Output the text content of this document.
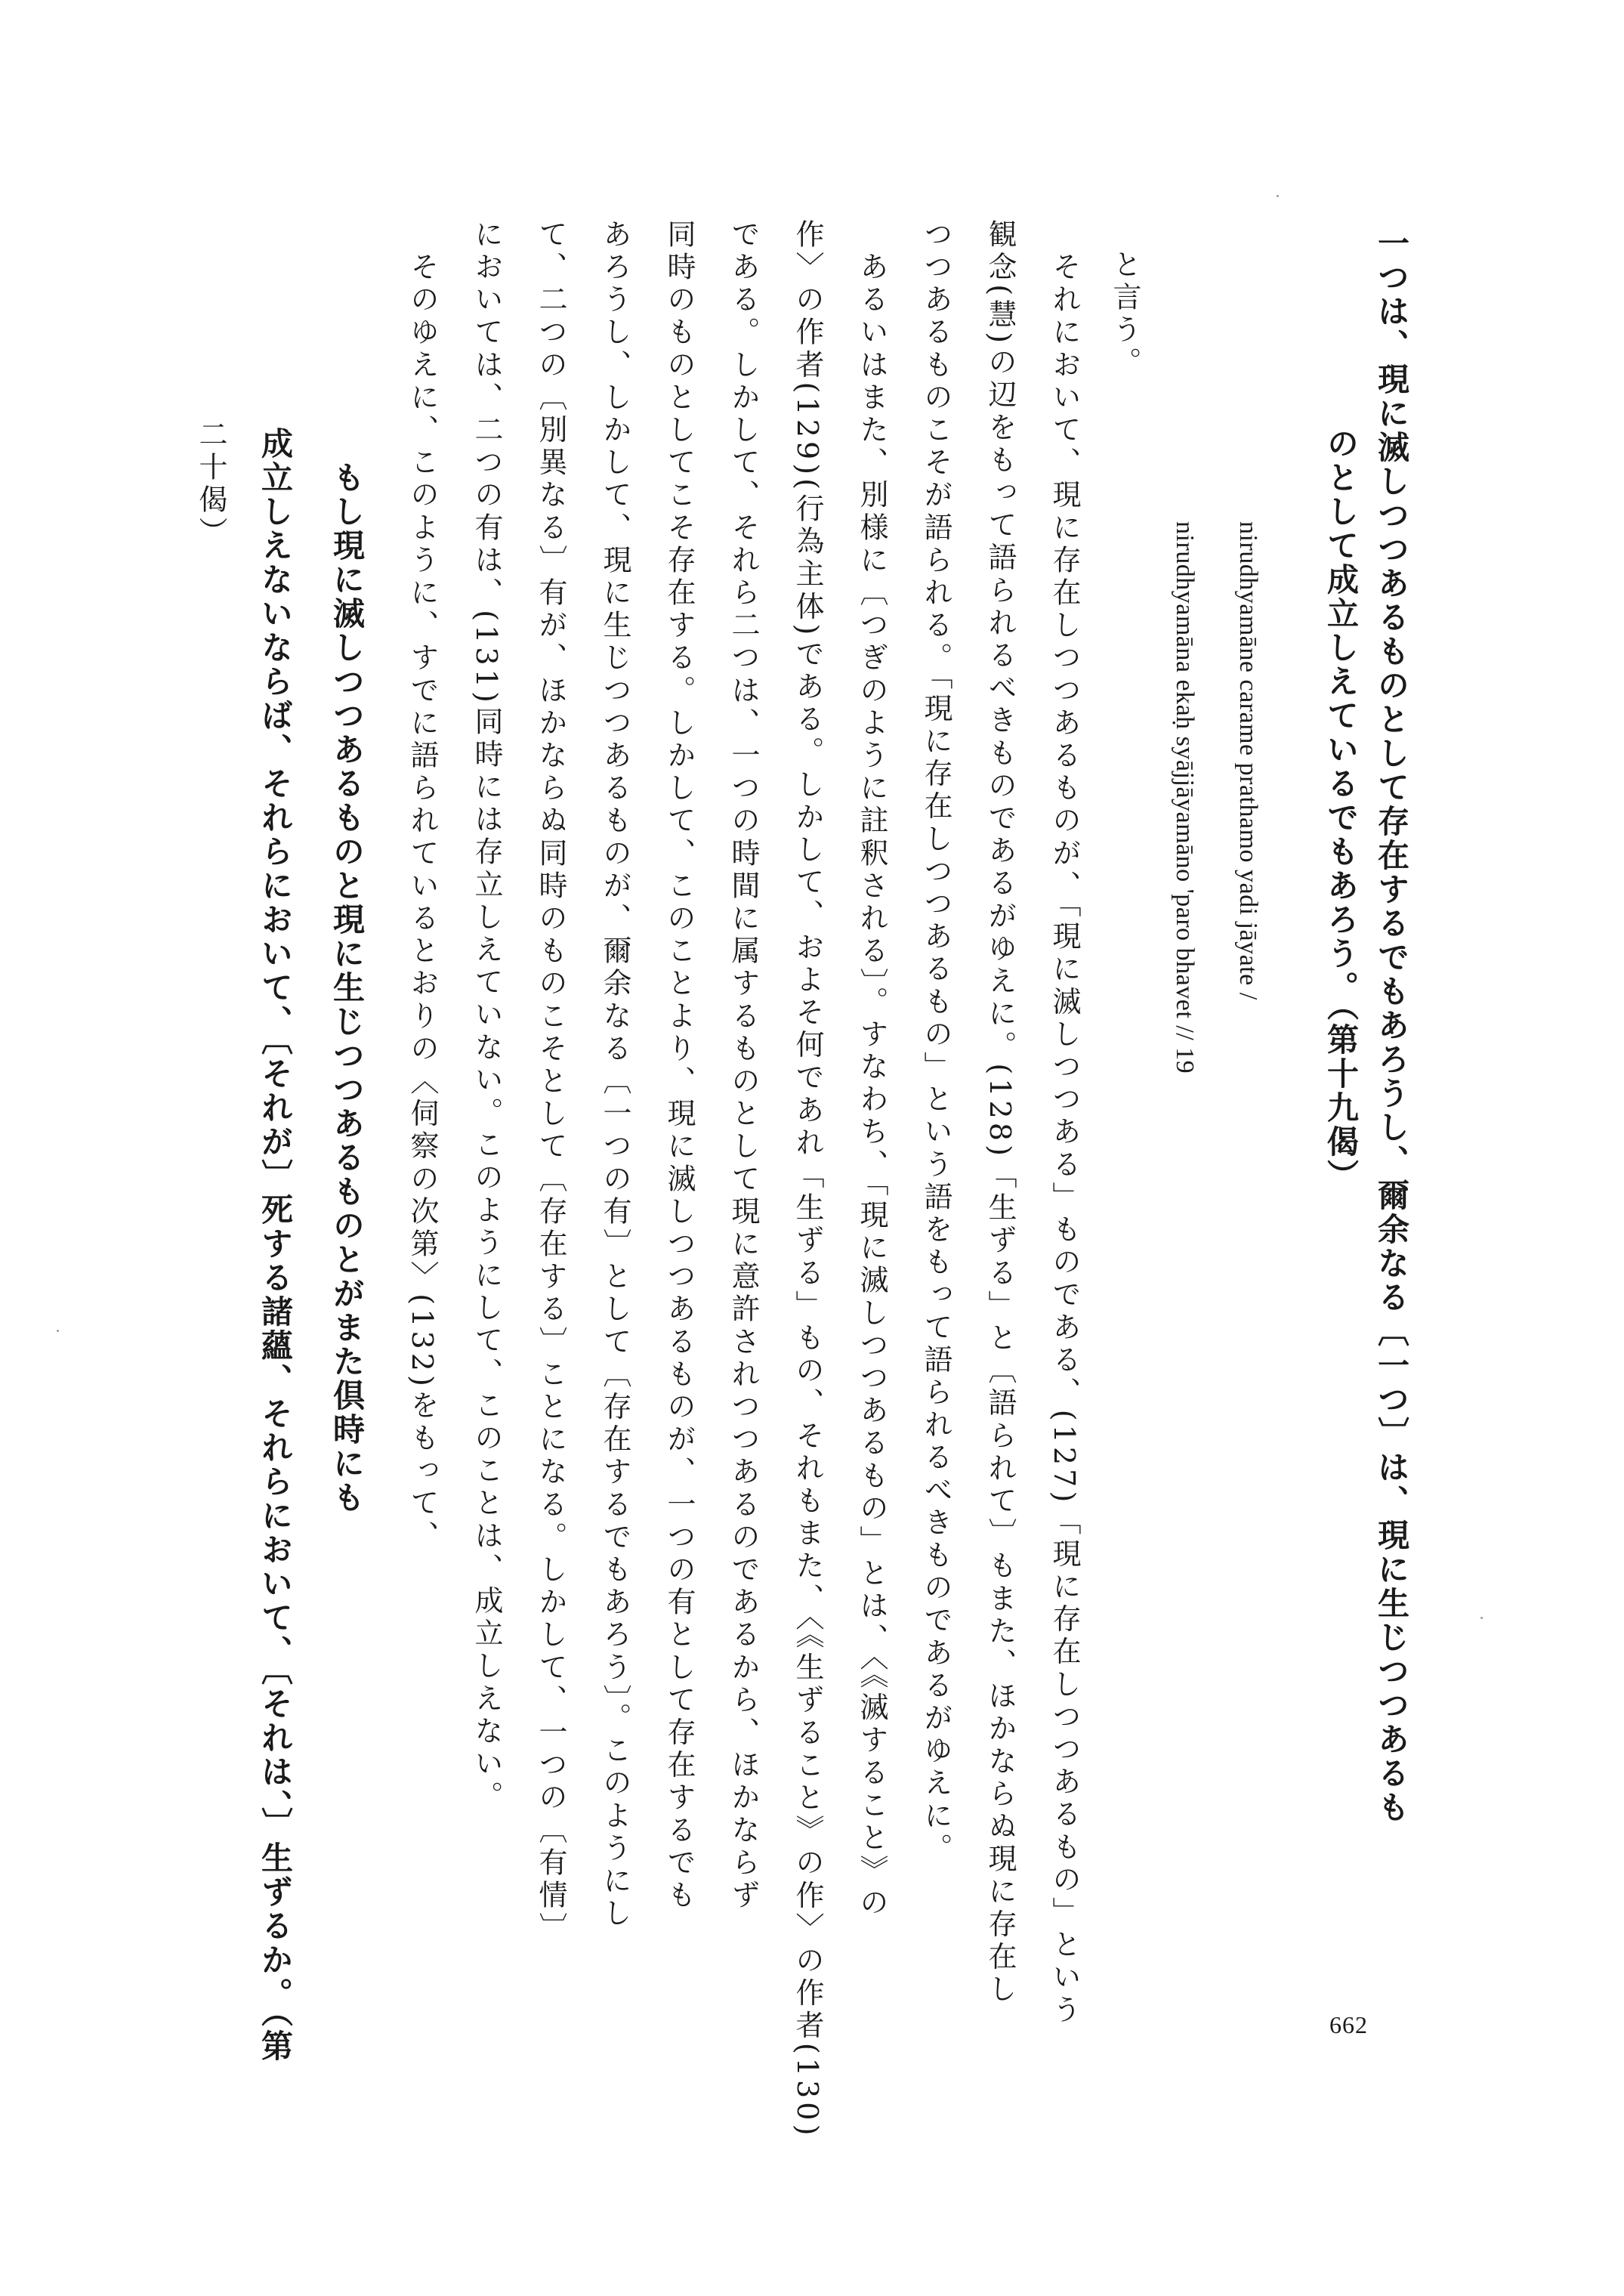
一つは、現に滅しつつあるものとして存在するでもあろうし、爾余なる〔一つ〕は、現に生じつつあるも

のとして成立しえているでもあろう。（第十九偈）

nirudhyamāne carame prathamo yadi jāyate /

nirudhyamāna ekaḥ syājjāyamāno 'paro bhavet // 19

と言う。

　それにおいて、現に存在しつつあるものが、「現に滅しつつある」ものである、(127)「現に存在しつつあるもの」という

観念(慧)の辺をもって語られるべきものであるがゆえに。(128)「生ずる」と〔語られて〕もまた、ほかならぬ現に存在し

つつあるものこそが語られる。「現に存在しつつあるもの」という語をもって語られるべきものであるがゆえに。

　あるいはまた、別様に〔つぎのように註釈される〕。すなわち、「現に滅しつつあるもの」とは、〈《滅すること》の

作〉の作者(129)(行為主体)である。しかして、およそ何であれ「生ずる」もの、それもまた、〈《生ずること》の作〉の作者(130)

である。しかして、それら二つは、一つの時間に属するものとして現に意許されつつあるのであるから、ほかならず

同時のものとしてこそ存在する。しかして、このことより、現に滅しつつあるものが、一つの有として存在するでも

あろうし、しかして、現に生じつつあるものが、爾余なる〔一つの有〕として〔存在するでもあろう〕。このようにし

て、二つの〔別異なる〕有が、ほかならぬ同時のものこそとして〔存在する〕ことになる。しかして、一つの〔有情〕

においては、二つの有は、(131)同時には存立しえていない。このようにして、このことは、成立しえない。

　そのゆえに、このように、すでに語られているとおりの〈伺察の次第〉(132)をもって、

　もし現に滅しつつあるものと現に生じつつあるものとがまた倶時にも

成立しえないならば、それらにおいて、〔それが〕死する諸蘊、それらにおいて、〔それは、〕生ずるか。（第

二十偈）

662
